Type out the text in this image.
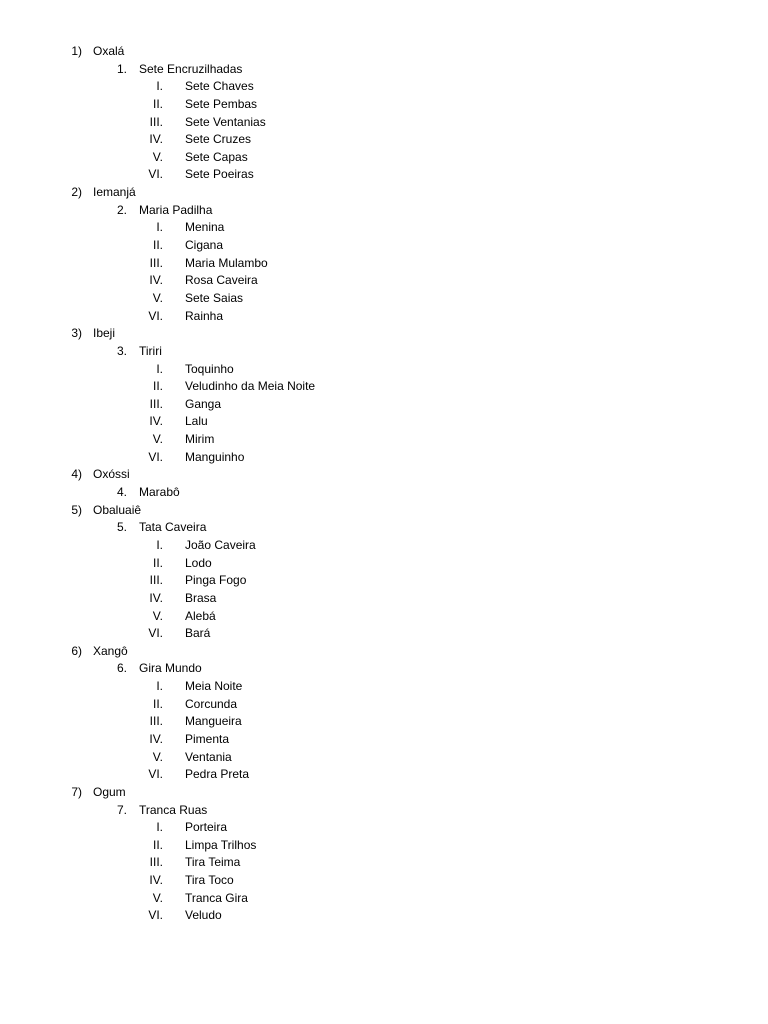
1) Oxalá
1. Sete Encruzilhadas
I. Sete Chaves
II. Sete Pembas
III. Sete Ventanias
IV. Sete Cruzes
V. Sete Capas
VI. Sete Poeiras
2) Iemanjá
2. Maria Padilha
I. Menina
II. Cigana
III. Maria Mulambo
IV. Rosa Caveira
V. Sete Saias
VI. Rainha
3) Ibeji
3. Tiriri
I. Toquinho
II. Veludinho da Meia Noite
III. Ganga
IV. Lalu
V. Mirim
VI. Manguinho
4) Oxóssi
4. Marabô
5) Obaluaiê
5. Tata Caveira
I. João Caveira
II. Lodo
III. Pinga Fogo
IV. Brasa
V. Alebá
VI. Bará
6) Xangô
6. Gira Mundo
I. Meia Noite
II. Corcunda
III. Mangueira
IV. Pimenta
V. Ventania
VI. Pedra Preta
7) Ogum
7. Tranca Ruas
I. Porteira
II. Limpa Trilhos
III. Tira Teima
IV. Tira Toco
V. Tranca Gira
VI. Veludo
